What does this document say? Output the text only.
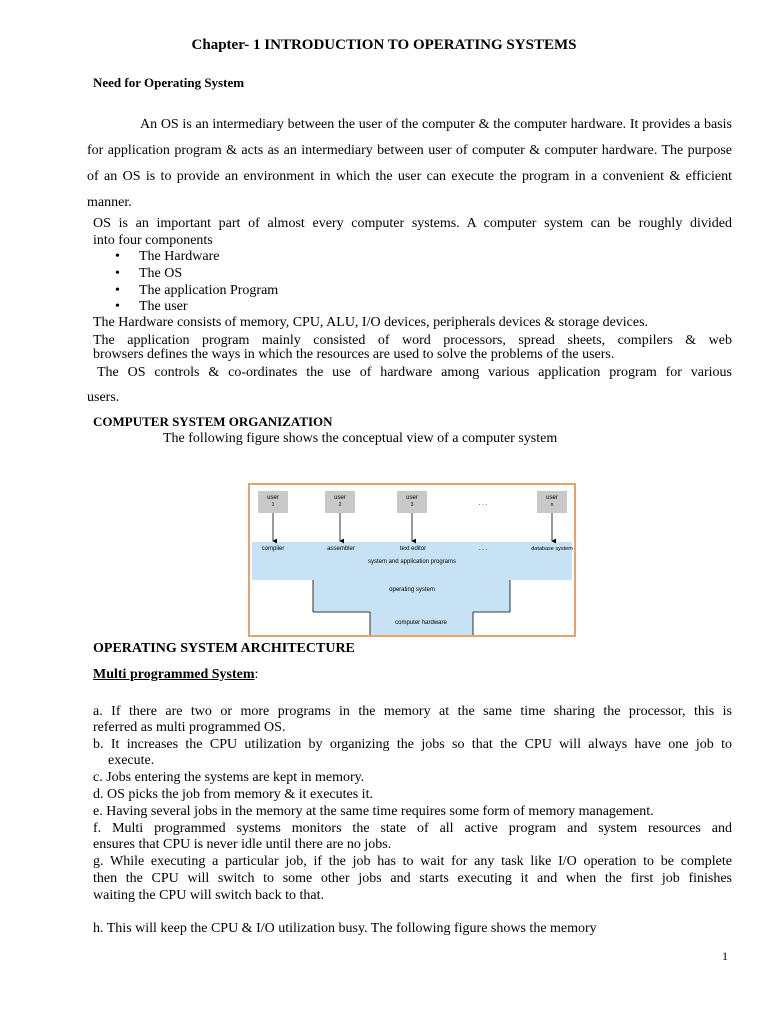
Chapter- 1 INTRODUCTION TO OPERATING SYSTEMS
Need for Operating System
An OS is an intermediary between the user of the computer & the computer hardware. It provides a basis for application program & acts as an intermediary between user of computer & computer hardware. The purpose of an OS is to provide an environment in which the user can execute the program in a convenient & efficient manner.
OS is an important part of almost every computer systems. A computer system can be roughly divided
into four components
• The Hardware
• The OS
• The application Program
• The user
The Hardware consists of memory, CPU, ALU, I/O devices, peripherals devices & storage devices.
The application program mainly consisted of word processors, spread sheets, compilers & web
browsers defines the ways in which the resources are used to solve the problems of the users.
The OS controls & co-ordinates the use of hardware among various application program for various
users.
COMPUTER SYSTEM ORGANIZATION
The following figure shows the conceptual view of a computer system
user
1
user
2
user
3
user
n
. . .
compiler	assembler	text editor	database system
. . .
system and application programs
operating system
computer hardware
OPERATING SYSTEM ARCHITECTURE
Multi programmed System:
a. If there are two or more programs in the memory at the same time sharing the processor, this is
referred as multi programmed OS.
b. It increases the CPU utilization by organizing the jobs so that the CPU will always have one job to
execute.
c. Jobs entering the systems are kept in memory.
d. OS picks the job from memory & it executes it.
e. Having several jobs in the memory at the same time requires some form of memory management.
f. Multi programmed systems monitors the state of all active program and system resources and
ensures that CPU is never idle until there are no jobs.
g. While executing a particular job, if the job has to wait for any task like I/O operation to be complete
then the CPU will switch to some other jobs and starts executing it and when the first job finishes
waiting the CPU will switch back to that.
h. This will keep the CPU & I/O utilization busy. The following figure shows the memory
1
